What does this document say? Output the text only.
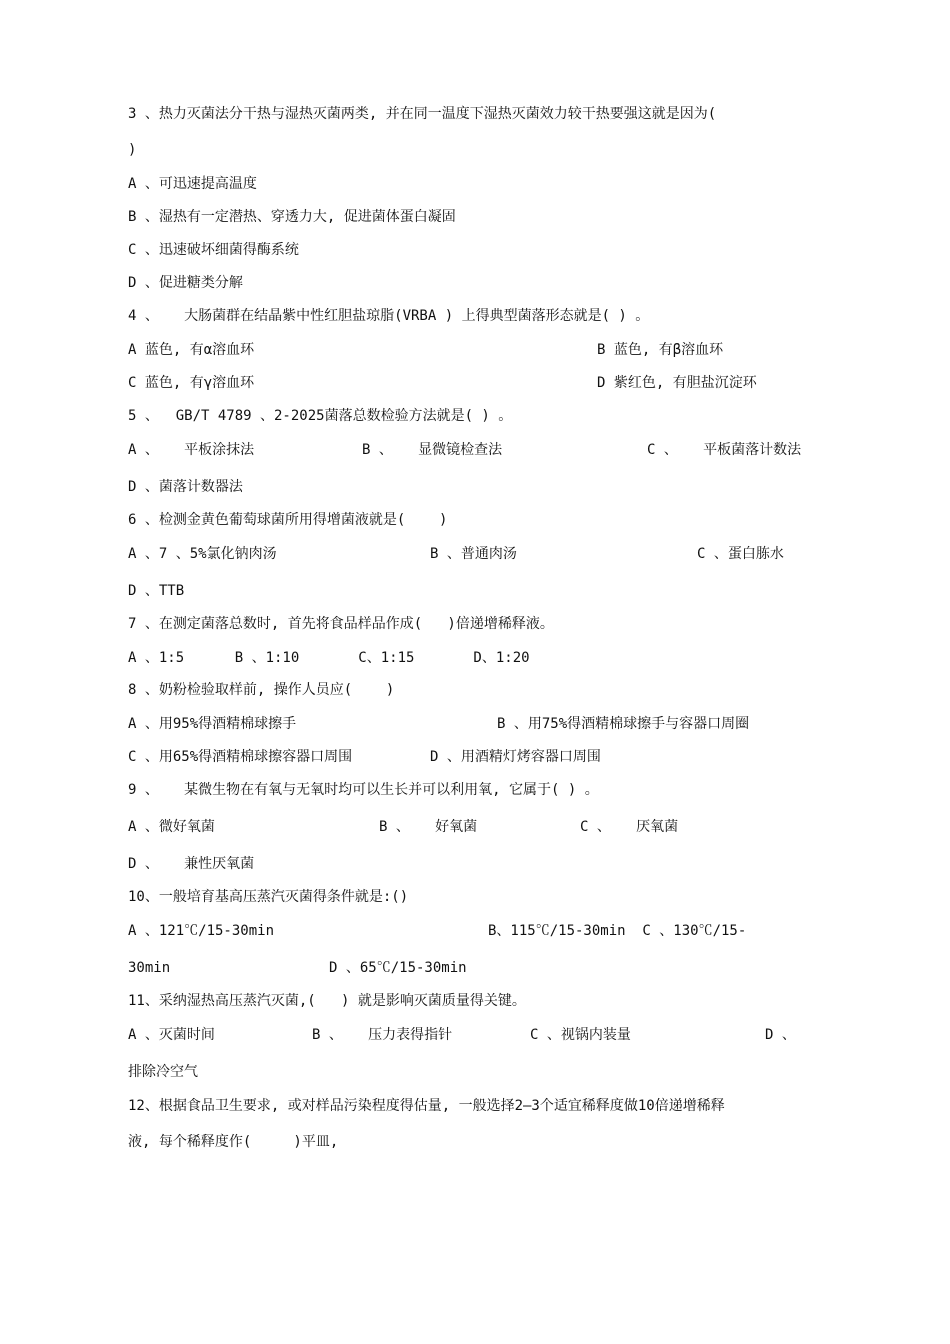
3 、热力灭菌法分干热与湿热灭菌两类, 并在同一温度下湿热灭菌效力较干热要强这就是因为(
)
A 、可迅速提高温度
B 、湿热有一定潜热、穿透力大, 促进菌体蛋白凝固
C 、迅速破坏细菌得酶系统
D 、促进糖类分解
4 、   大肠菌群在结晶紫中性红胆盐琼脂(VRBA ) 上得典型菌落形态就是( ) 。
A 蓝色, 有α溶血环	B 蓝色, 有β溶血环
C 蓝色, 有γ溶血环	D 紫红色, 有胆盐沉淀环
5 、  GB/T 4789 、2-2025菌落总数检验方法就是( ) 。
A 、   平板涂抹法	B 、   显微镜检查法	C 、   平板菌落计数法
D 、菌落计数器法
6 、检测金黄色葡萄球菌所用得增菌液就是(    )
A 、7 、5%氯化钠肉汤	B 、普通肉汤	C 、蛋白胨水
D 、TTB
7 、在测定菌落总数时, 首先将食品样品作成(   )倍递增稀释液。
A 、1:5      B 、1:10       C、1:15       D、1:20
8 、奶粉检验取样前, 操作人员应(    )
A 、用95%得酒精棉球擦手	B 、用75%得酒精棉球擦手与容器口周圈
C 、用65%得酒精棉球擦容器口周围	D 、用酒精灯烤容器口周围
9 、   某微生物在有氧与无氧时均可以生长并可以利用氧, 它属于( ) 。
A 、微好氧菌	B 、   好氧菌	C 、   厌氧菌
D 、   兼性厌氧菌
10、一般培育基高压蒸汽灭菌得条件就是:()
A 、121℃/15-30min	B、115℃/15-30min  C 、130℃/15-
30min	D 、65℃/15-30min
11、采纳湿热高压蒸汽灭菌,(   ) 就是影响灭菌质量得关键。
A 、灭菌时间	B 、   压力表得指针	C 、视锅内装量	D 、
排除冷空气
12、根据食品卫生要求, 或对样品污染程度得估量, 一般选择2—3个适宜稀释度做10倍递增稀释
液, 每个稀释度作(     )平皿,
